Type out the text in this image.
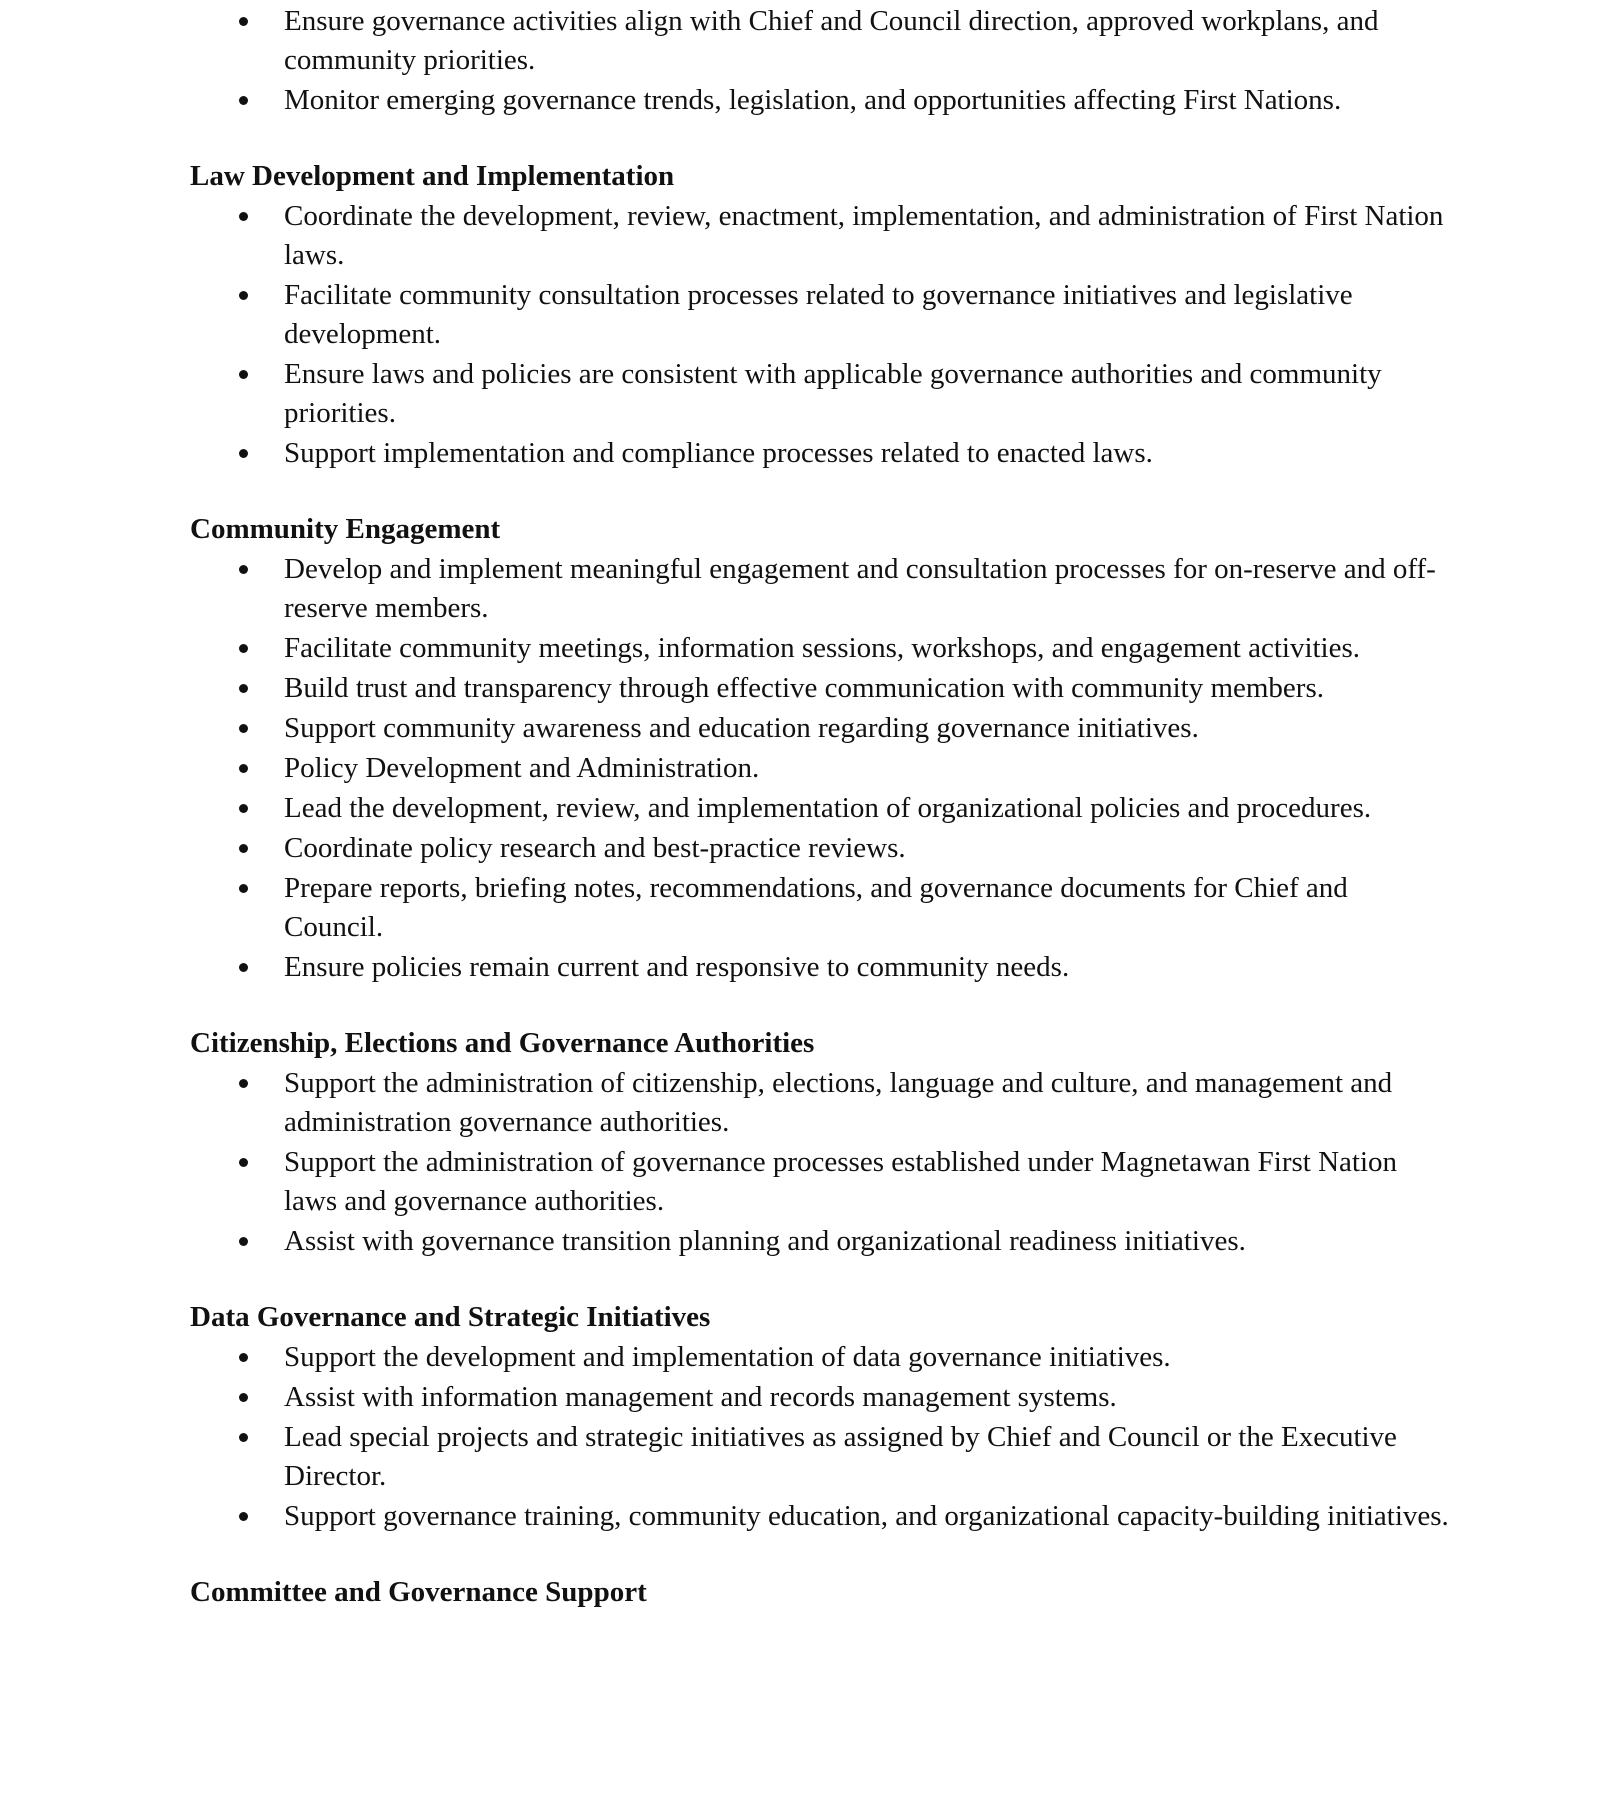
Ensure governance activities align with Chief and Council direction, approved workplans, and community priorities.
Monitor emerging governance trends, legislation, and opportunities affecting First Nations.
Law Development and Implementation
Coordinate the development, review, enactment, implementation, and administration of First Nation laws.
Facilitate community consultation processes related to governance initiatives and legislative development.
Ensure laws and policies are consistent with applicable governance authorities and community priorities.
Support implementation and compliance processes related to enacted laws.
Community Engagement
Develop and implement meaningful engagement and consultation processes for on-reserve and off-reserve members.
Facilitate community meetings, information sessions, workshops, and engagement activities.
Build trust and transparency through effective communication with community members.
Support community awareness and education regarding governance initiatives.
Policy Development and Administration.
Lead the development, review, and implementation of organizational policies and procedures.
Coordinate policy research and best-practice reviews.
Prepare reports, briefing notes, recommendations, and governance documents for Chief and Council.
Ensure policies remain current and responsive to community needs.
Citizenship, Elections and Governance Authorities
Support the administration of citizenship, elections, language and culture, and management and administration governance authorities.
Support the administration of governance processes established under Magnetawan First Nation laws and governance authorities.
Assist with governance transition planning and organizational readiness initiatives.
Data Governance and Strategic Initiatives
Support the development and implementation of data governance initiatives.
Assist with information management and records management systems.
Lead special projects and strategic initiatives as assigned by Chief and Council or the Executive Director.
Support governance training, community education, and organizational capacity-building initiatives.
Committee and Governance Support
